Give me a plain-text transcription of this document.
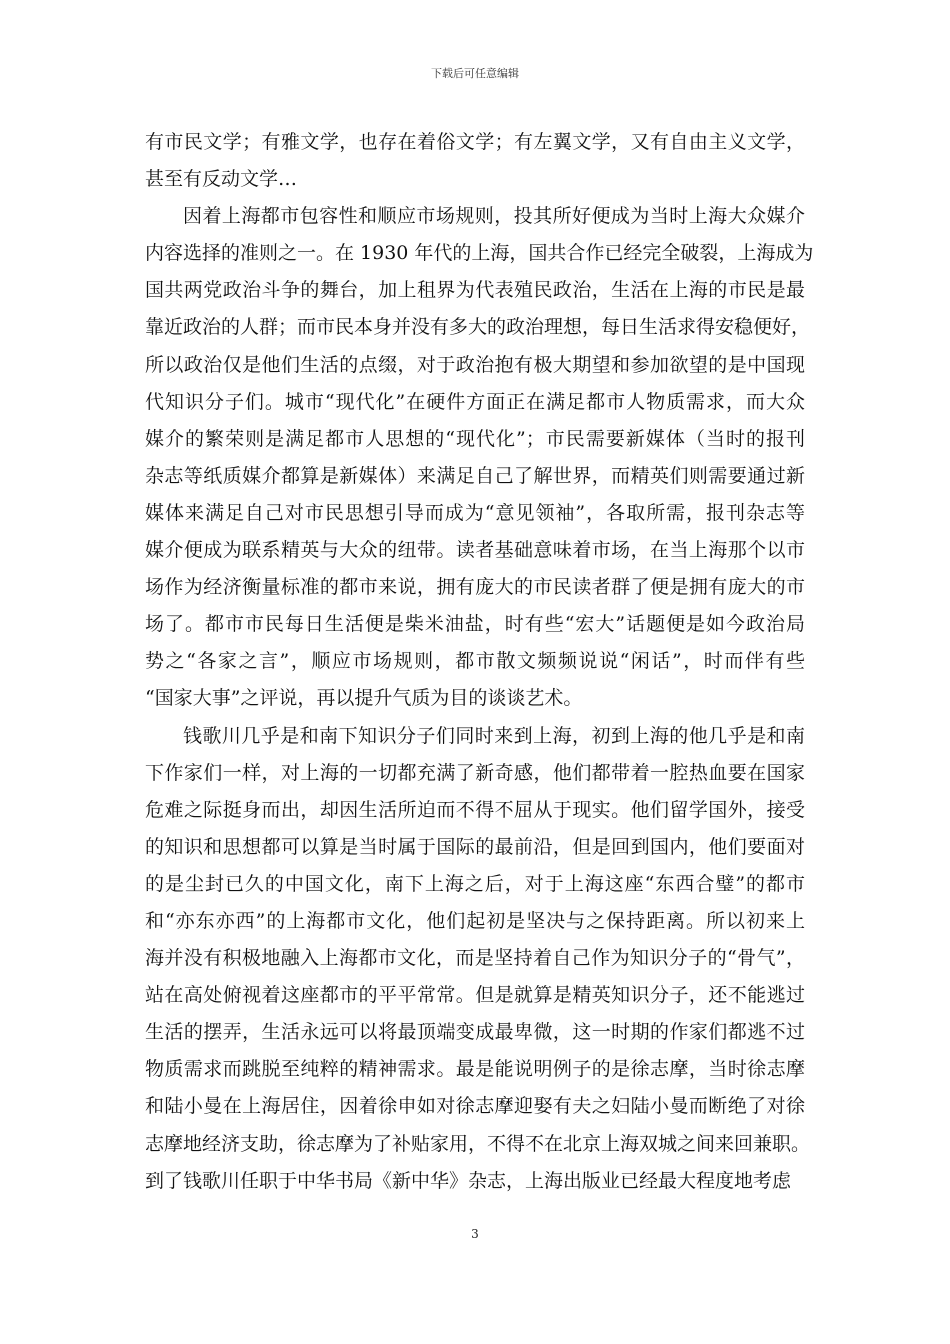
下载后可任意编辑
有市民文学；有雅文学，也存在着俗文学；有左翼文学，又有自由主义文学，
甚至有反动文学…
因着上海都市包容性和顺应市场规则，投其所好便成为当时上海大众媒介
内容选择的准则之一。在 1930 年代的上海，国共合作已经完全破裂，上海成为
国共两党政治斗争的舞台，加上租界为代表殖民政治，生活在上海的市民是最
靠近政治的人群；而市民本身并没有多大的政治理想，每日生活求得安稳便好，
所以政治仅是他们生活的点缀，对于政治抱有极大期望和参加欲望的是中国现
代知识分子们。城市“现代化”在硬件方面正在满足都市人物质需求，而大众
媒介的繁荣则是满足都市人思想的“现代化”；市民需要新媒体（当时的报刊
杂志等纸质媒介都算是新媒体）来满足自己了解世界，而精英们则需要通过新
媒体来满足自己对市民思想引导而成为“意见领袖”，各取所需，报刊杂志等
媒介便成为联系精英与大众的纽带。读者基础意味着市场，在当上海那个以市
场作为经济衡量标准的都市来说，拥有庞大的市民读者群了便是拥有庞大的市
场了。都市市民每日生活便是柴米油盐，时有些“宏大”话题便是如今政治局
势之“各家之言”，顺应市场规则，都市散文频频说说“闲话”，时而伴有些
“国家大事”之评说，再以提升气质为目的谈谈艺术。
钱歌川几乎是和南下知识分子们同时来到上海，初到上海的他几乎是和南
下作家们一样，对上海的一切都充满了新奇感，他们都带着一腔热血要在国家
危难之际挺身而出，却因生活所迫而不得不屈从于现实。他们留学国外，接受
的知识和思想都可以算是当时属于国际的最前沿，但是回到国内，他们要面对
的是尘封已久的中国文化，南下上海之后，对于上海这座“东西合璧”的都市
和“亦东亦西”的上海都市文化，他们起初是坚决与之保持距离。所以初来上
海并没有积极地融入上海都市文化，而是坚持着自己作为知识分子的“骨气”，
站在高处俯视着这座都市的平平常常。但是就算是精英知识分子，还不能逃过
生活的摆弄，生活永远可以将最顶端变成最卑微，这一时期的作家们都逃不过
物质需求而跳脱至纯粹的精神需求。最是能说明例子的是徐志摩，当时徐志摩
和陆小曼在上海居住，因着徐申如对徐志摩迎娶有夫之妇陆小曼而断绝了对徐
志摩地经济支助，徐志摩为了补贴家用，不得不在北京上海双城之间来回兼职。
到了钱歌川任职于中华书局《新中华》杂志，上海出版业已经最大程度地考虑
3
